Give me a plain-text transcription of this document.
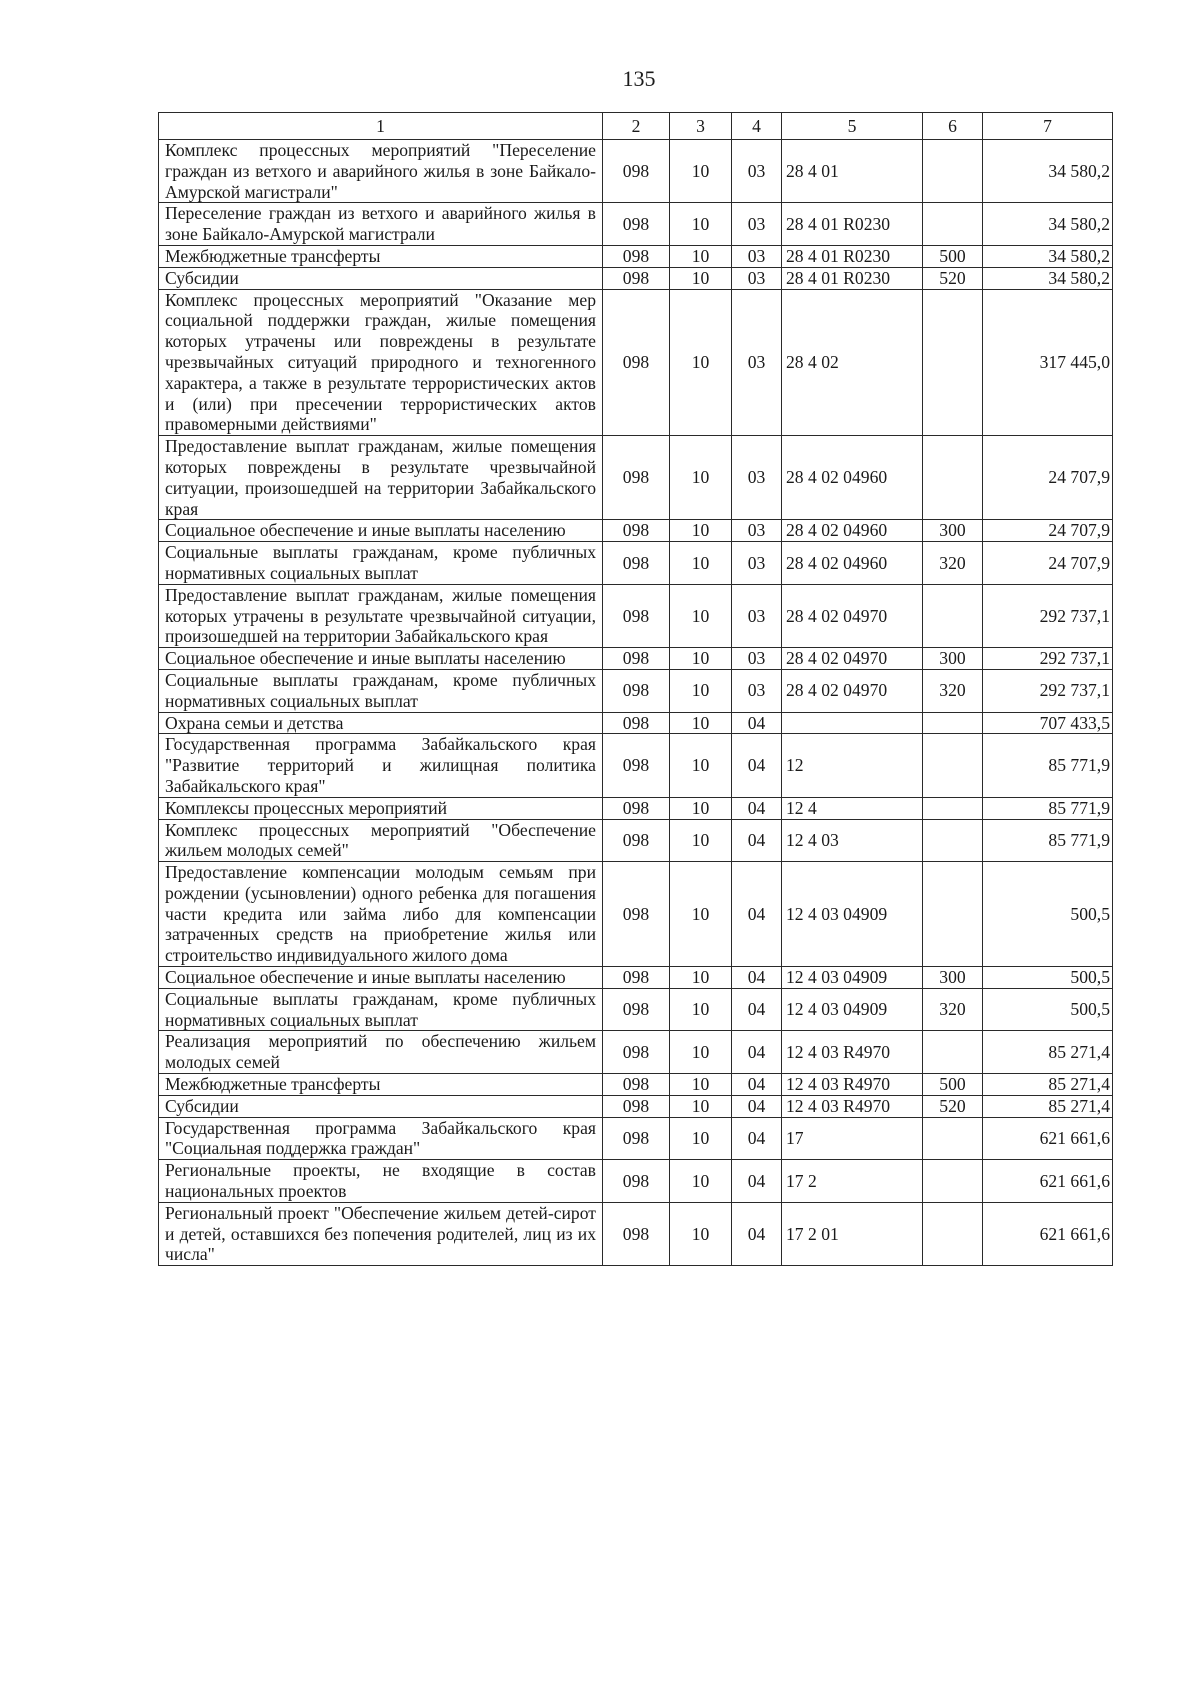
135
1	2	3	4	5	6	7
Комплекс процессных мероприятий "Переселение граждан из ветхого и аварийного жилья в зоне Байкало-Амурской магистрали"	098	10	03	28 4 01		34 580,2
Переселение граждан из ветхого и аварийного жилья в зоне Байкало-Амурской магистрали	098	10	03	28 4 01 R0230		34 580,2
Межбюджетные трансферты	098	10	03	28 4 01 R0230	500	34 580,2
Субсидии	098	10	03	28 4 01 R0230	520	34 580,2
Комплекс процессных мероприятий "Оказание мер социальной поддержки граждан, жилые помещения которых утрачены или повреждены в результате чрезвычайных ситуаций природного и техногенного характера, а также в результате террористических актов и (или) при пресечении террористических актов правомерными действиями"	098	10	03	28 4 02		317 445,0
Предоставление выплат гражданам, жилые помещения которых повреждены в результате чрезвычайной ситуации, произошедшей на территории Забайкальского края	098	10	03	28 4 02 04960		24 707,9
Социальное обеспечение и иные выплаты населению	098	10	03	28 4 02 04960	300	24 707,9
Социальные выплаты гражданам, кроме публичных нормативных социальных выплат	098	10	03	28 4 02 04960	320	24 707,9
Предоставление выплат гражданам, жилые помещения которых утрачены в результате чрезвычайной ситуации, произошедшей на территории Забайкальского края	098	10	03	28 4 02 04970		292 737,1
Социальное обеспечение и иные выплаты населению	098	10	03	28 4 02 04970	300	292 737,1
Социальные выплаты гражданам, кроме публичных нормативных социальных выплат	098	10	03	28 4 02 04970	320	292 737,1
Охрана семьи и детства	098	10	04			707 433,5
Государственная программа Забайкальского края "Развитие территорий и жилищная политика Забайкальского края"	098	10	04	12		85 771,9
Комплексы процессных мероприятий	098	10	04	12 4		85 771,9
Комплекс процессных мероприятий "Обеспечение жильем молодых семей"	098	10	04	12 4 03		85 771,9
Предоставление компенсации молодым семьям при рождении (усыновлении) одного ребенка для погашения части кредита или займа либо для компенсации затраченных средств на приобретение жилья или строительство индивидуального жилого дома	098	10	04	12 4 03 04909		500,5
Социальное обеспечение и иные выплаты населению	098	10	04	12 4 03 04909	300	500,5
Социальные выплаты гражданам, кроме публичных нормативных социальных выплат	098	10	04	12 4 03 04909	320	500,5
Реализация мероприятий по обеспечению жильем молодых семей	098	10	04	12 4 03 R4970		85 271,4
Межбюджетные трансферты	098	10	04	12 4 03 R4970	500	85 271,4
Субсидии	098	10	04	12 4 03 R4970	520	85 271,4
Государственная программа Забайкальского края "Социальная поддержка граждан"	098	10	04	17		621 661,6
Региональные проекты, не входящие в состав национальных проектов	098	10	04	17 2		621 661,6
Региональный проект "Обеспечение жильем детей-сирот и детей, оставшихся без попечения родителей, лиц из их числа"	098	10	04	17 2 01		621 661,6
